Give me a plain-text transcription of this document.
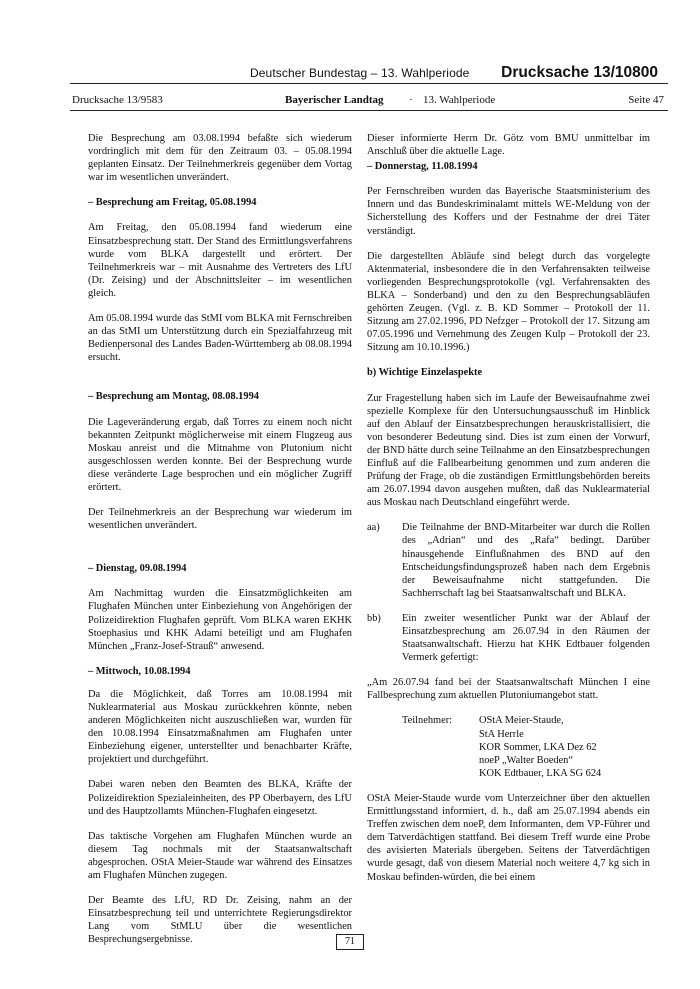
Deutscher Bundestag – 13. Wahlperiode Drucksache 13/10800
Drucksache 13/9583	Bayerischer Landtag · 13. Wahlperiode	Seite 47

Die Besprechung am 03.08.1994 befaßte sich wiederum vordringlich mit dem für den Zeitraum 03. – 05.08.1994 geplanten Einsatz. Der Teilnehmerkreis gegenüber dem Vortag war im wesentlichen unverändert.

– Besprechung am Freitag, 05.08.1994

Am Freitag, den 05.08.1994 fand wiederum eine Einsatzbesprechung statt. Der Stand des Ermittlungsverfahrens wurde vom BLKA dargestellt und erörtert. Der Teilnehmerkreis war – mit Ausnahme des Vertreters des LfU (Dr. Zeising) und der Abschnittsleiter – im wesentlichen gleich.

Am 05.08.1994 wurde das StMI vom BLKA mit Fernschreiben an das StMI um Unterstützung durch ein Spezialfahrzeug mit Bedienpersonal des Landes Baden-Württemberg ab 08.08.1994 ersucht.

– Besprechung am Montag, 08.08.1994

Die Lageveränderung ergab, daß Torres zu einem noch nicht bekannten Zeitpunkt möglicherweise mit einem Flugzeug aus Moskau anreist und die Mitnahme von Plutonium nicht ausgeschlossen werden konnte. Bei der Besprechung wurde diese veränderte Lage besprochen und ein möglicher Zugriff erörtert.

Der Teilnehmerkreis an der Besprechung war wiederum im wesentlichen unverändert.

– Dienstag, 09.08.1994

Am Nachmittag wurden die Einsatzmöglichkeiten am Flughafen München unter Einbeziehung von Angehörigen der Polizeidirektion Flughafen geprüft. Vom BLKA waren EKHK Stoephasius und KHK Adami beteiligt und am Flughafen München „Franz-Josef-Strauß“ anwesend.

– Mittwoch, 10.08.1994

Da die Möglichkeit, daß Torres am 10.08.1994 mit Nuklearmaterial aus Moskau zurückkehren könnte, neben anderen Möglichkeiten nicht auszuschließen war, wurden für den 10.08.1994 Einsatzmaßnahmen am Flughafen unter Einbeziehung eigener, unterstellter und benachbarter Kräfte, projektiert und durchgeführt.

Dabei waren neben den Beamten des BLKA, Kräfte der Polizeidirektion Spezialeinheiten, des PP Oberbayern, des LfU und des Hauptzollamts München-Flughafen eingesetzt.

Das taktische Vorgehen am Flughafen München wurde an diesem Tag nochmals mit der Staatsanwaltschaft abgesprochen. OStA Meier-Staude war während des Einsatzes am Flughafen München zugegen.

Der Beamte des LfU, RD Dr. Zeising, nahm an der Einsatzbesprechung teil und unterrichtete Regierungsdirektor Lang vom StMLU über die wesentlichen Besprechungsergebnisse.

Dieser informierte Herrn Dr. Götz vom BMU unmittelbar im Anschluß über die aktuelle Lage.

– Donnerstag, 11.08.1994

Per Fernschreiben wurden das Bayerische Staatsministerium des Innern und das Bundeskriminalamt mittels WE-Meldung von der Sicherstellung des Koffers und der Festnahme der drei Täter verständigt.

Die dargestellten Abläufe sind belegt durch das vorgelegte Aktenmaterial, insbesondere die in den Verfahrensakten teilweise vorliegenden Besprechungsprotokolle (vgl. Verfahrensakten des BLKA – Sonderband) und den zu den Besprechungsabläufen gehörten Zeugen. (Vgl. z. B. KD Sommer – Protokoll der 11. Sitzung am 27.02.1996, PD Nefzger – Protokoll der 17. Sitzung am 07.05.1996 und Vernehmung des Zeugen Kulp – Protokoll der 23. Sitzung am 10.10.1996.)

b) Wichtige Einzelaspekte

Zur Fragestellung haben sich im Laufe der Beweisaufnahme zwei spezielle Komplexe für den Untersuchungsausschuß im Hinblick auf den Ablauf der Einsatzbesprechungen herauskristallisiert, die von besonderer Bedeutung sind. Dies ist zum einen der Vorwurf, der BND hätte durch seine Teilnahme an den Einsatzbesprechungen Einfluß auf die Fallbearbeitung genommen und zum anderen die Prüfung der Frage, ob die zuständigen Ermittlungsbehörden bereits am 26.07.1994 davon ausgehen mußten, daß das Nuklearmaterial aus Moskau nach Deutschland eingeführt werde.

aa) Die Teilnahme der BND-Mitarbeiter war durch die Rollen des „Adrian“ und des „Rafa“ bedingt. Darüber hinausgehende Einflußnahmen des BND auf den Entscheidungsfindungsprozeß haben nach dem Ergebnis der Beweisaufnahme nicht stattgefunden. Die Sachherrschaft lag bei Staatsanwaltschaft und BLKA.
bb) Ein zweiter wesentlicher Punkt war der Ablauf der Einsatzbesprechung am 26.07.94 in den Räumen der Staatsanwaltschaft. Hierzu hat KHK Edtbauer folgenden Vermerk gefertigt:

„Am 26.07.94 fand bei der Staatsanwaltschaft München I eine Fallbesprechung zum aktuellen Plutoniumangebot statt.

Teilnehmer:	OStA Meier-Staude,
StA Herrle
KOR Sommer, LKA Dez 62
noeP „Walter Boeden“
KOK Edtbauer, LKA SG 624

OStA Meier-Staude wurde vom Unterzeichner über den aktuellen Ermittlungsstand informiert, d. h., daß am 25.07.1994 abends ein Treffen zwischen dem noeP, dem Informanten, dem VP-Führer und dem Tatverdächtigen stattfand. Bei diesem Treff wurde eine Probe des avisierten Materials übergeben. Seitens der Tatverdächtigen wurde gesagt, daß von diesem Material noch weitere 4,7 kg sich in Moskau befinden-würden, die bei einem

71
